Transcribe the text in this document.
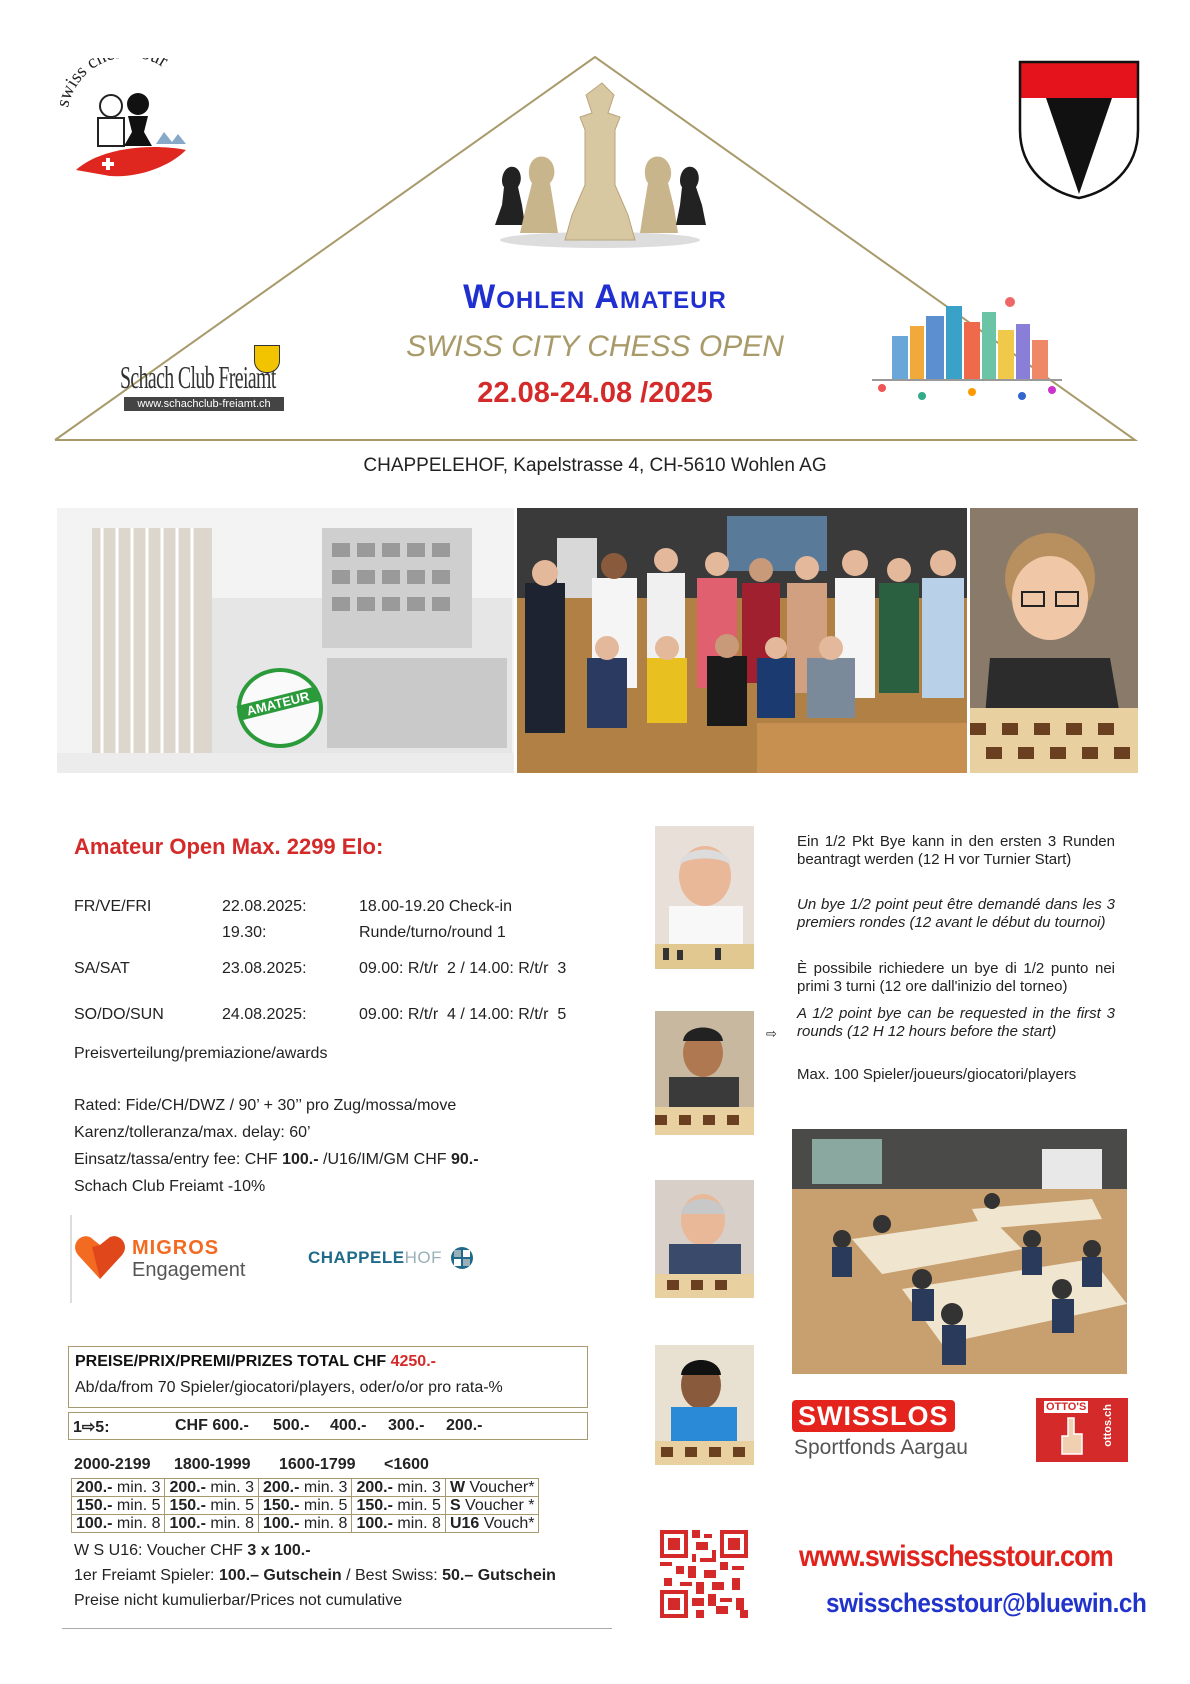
iss c r
Schach Club Freiamt
www.schachclub-freiamt.ch
Wohlen Amateur
SWISS CITY CHESS OPEN
22.08-24.08 /2025
CHAPPELEHOF, Kapelstrasse 4, CH-5610 Wohlen AG
AMATEUR
Amateur Open Max. 2299 Elo:
FR/VE/FRI	22.08.2025:	18.00-19.20 Check-in
19.30:	Runde/turno/round 1
SA/SAT	23.08.2025:	09.00: R/t/r  2 / 14.00: R/t/r  3
SO/DO/SUN	24.08.2025:	09.00: R/t/r  4 / 14.00: R/t/r  5
Preisverteilung/premiazione/awards
Rated: Fide/CH/DWZ / 90’ + 30’’ pro Zug/mossa/move
Karenz/tolleranza/max. delay: 60’
Einsatz/tassa/entry fee: CHF 100.- /U16/IM/GM CHF 90.-
Schach Club Freiamt -10%
MIGROS
Engagement
CHAPPELEHOF
PREISE/PRIX/PREMI/PRIZES TOTAL CHF 4250.-
Ab/da/from 70 Spieler/giocatori/players, oder/o/or pro rata-%
1⇨5:	CHF 600.- 500.- 400.- 300.- 200.-
2000-2199 1800-1999 1600-1799 <1600
200.- min. 3	200.- min. 3	200.- min. 3	200.- min. 3	W Voucher*
150.- min. 5	150.- min. 5	150.- min. 5	150.- min. 5	S Voucher *
100.- min. 8	100.- min. 8	100.- min. 8	100.- min. 8	U16 Vouch*
W S U16: Voucher CHF 3 x 100.-
1er Freiamt Spieler: 100.– Gutschein / Best Swiss: 50.– Gutschein
Preise nicht kumulierbar/Prices not cumulative
Ein 1/2 Pkt Bye kann in den ersten 3 Runden beantragt werden (12 H vor Turnier Start)
Un bye 1/2 point peut être demandé dans les 3 premiers rondes (12 avant le début du tournoi)
È possibile richiedere un bye di 1/2 punto nei primi 3 turni (12 ore dall'inizio del torneo)
⇨
A 1/2 point bye can be requested in the first 3 rounds (12 H 12 hours before the start)
Max. 100 Spieler/joueurs/giocatori/players
SWISSLOS
Sportfonds Aargau
OTTO'S ottos.ch
www.swisschesstour.com
swisschesstour@bluewin.ch
